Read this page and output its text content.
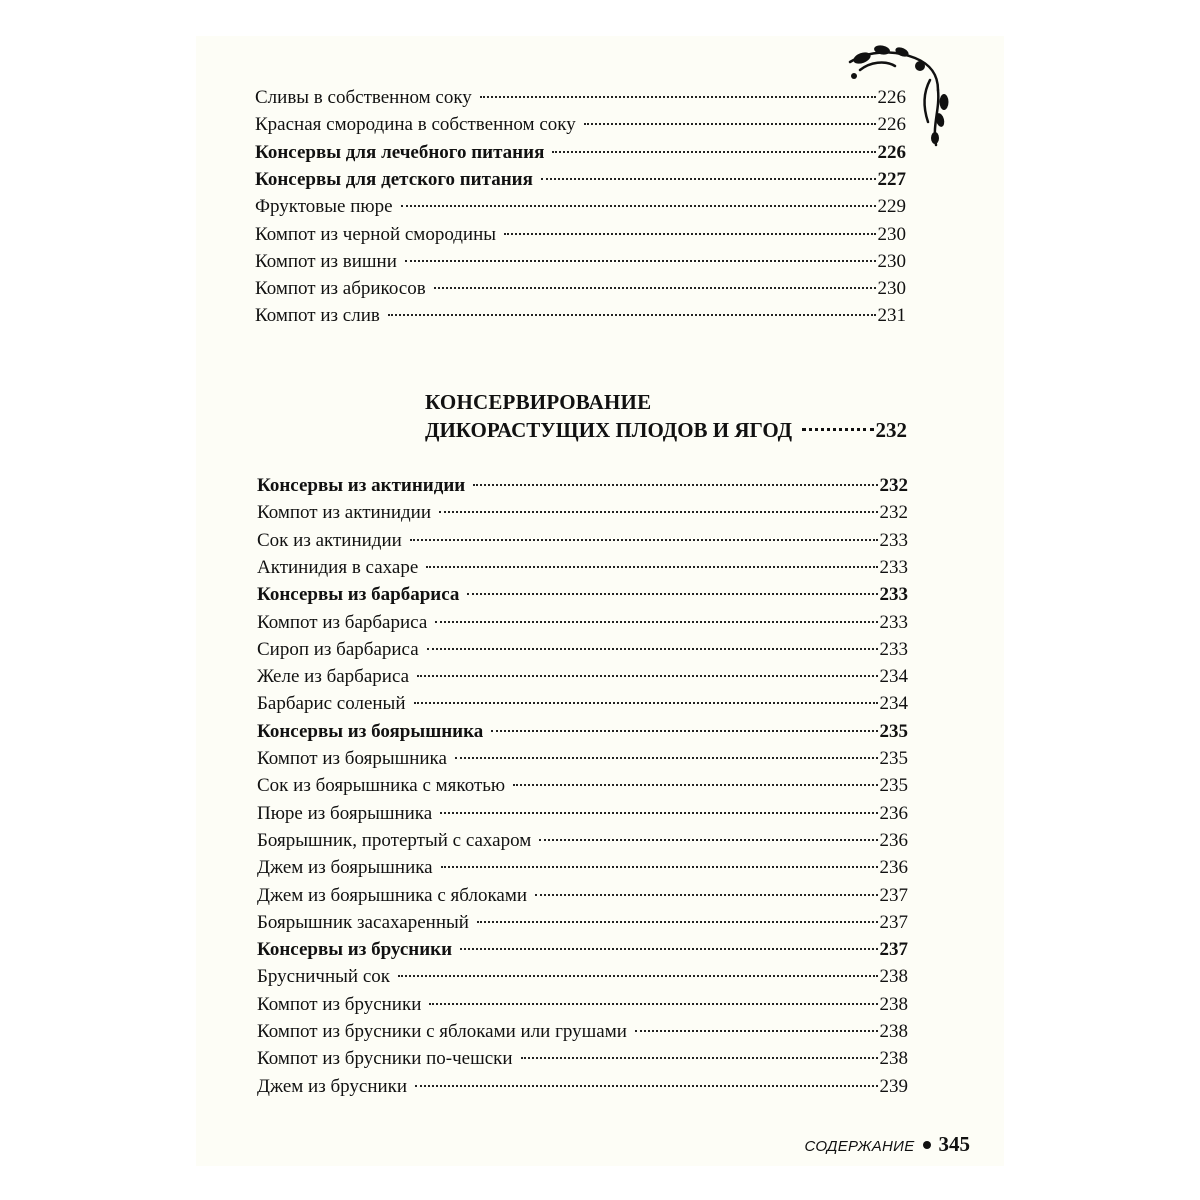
Сливы в собственном соку	226
Красная смородина в собственном соку	226
Консервы для лечебного питания	226
Консервы для детского питания	227
Фруктовые пюре	229
Компот из черной смородины	230
Компот из вишни	230
Компот из абрикосов	230
Компот из слив	231
Консервы из актинидии	232
Компот из актинидии	232
Сок из актинидии	233
Актинидия в сахаре	233
Консервы из барбариса	233
Компот из барбариса	233
Сироп из барбариса	233
Желе из барбариса	234
Барбарис соленый	234
Консервы из боярышника	235
Компот из боярышника	235
Сок из боярышника с мякотью	235
Пюре из боярышника	236
Боярышник, протертый с сахаром	236
Джем из боярышника	236
Джем из боярышника с яблоками	237
Боярышник засахаренный	237
Консервы из брусники	237
Брусничный сок	238
Компот из брусники	238
Компот из брусники с яблоками или грушами	238
Компот из брусники по-чешски	238
Джем из брусники	239
КОНСЕРВИРОВАНИЕ
ДИКОРАСТУЩИХ ПЛОДОВ И ЯГОД	232
СОДЕРЖАНИЕ 345
